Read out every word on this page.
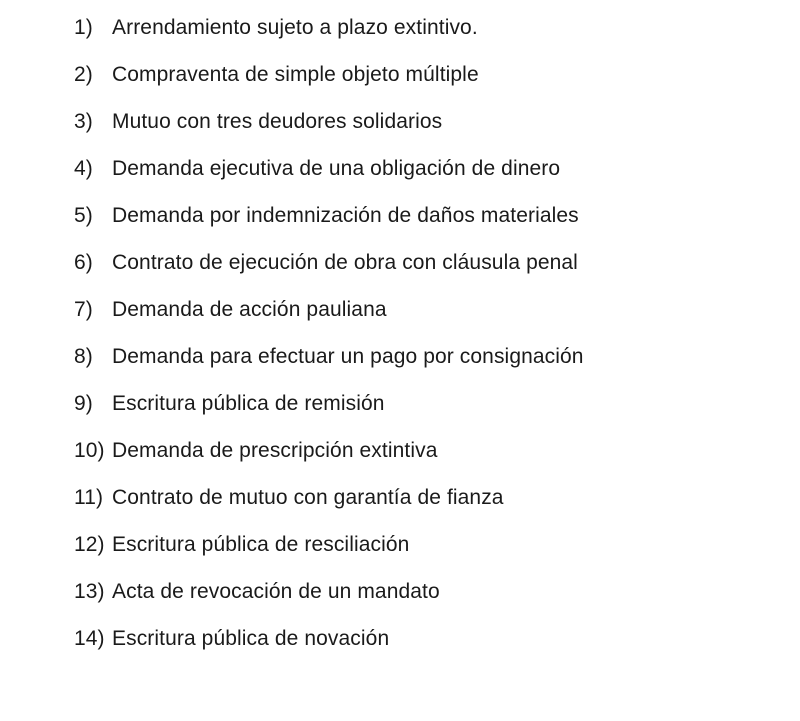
1) Arrendamiento sujeto a plazo extintivo.
2) Compraventa de simple objeto múltiple
3) Mutuo con tres deudores solidarios
4) Demanda ejecutiva de una obligación de dinero
5) Demanda por indemnización de daños materiales
6) Contrato de ejecución de obra con cláusula penal
7) Demanda de acción pauliana
8) Demanda para efectuar un pago por consignación
9) Escritura pública de remisión
10) Demanda de prescripción extintiva
11) Contrato de mutuo con garantía de fianza
12) Escritura pública de resciliación
13) Acta de revocación de un mandato
14) Escritura pública de novación
